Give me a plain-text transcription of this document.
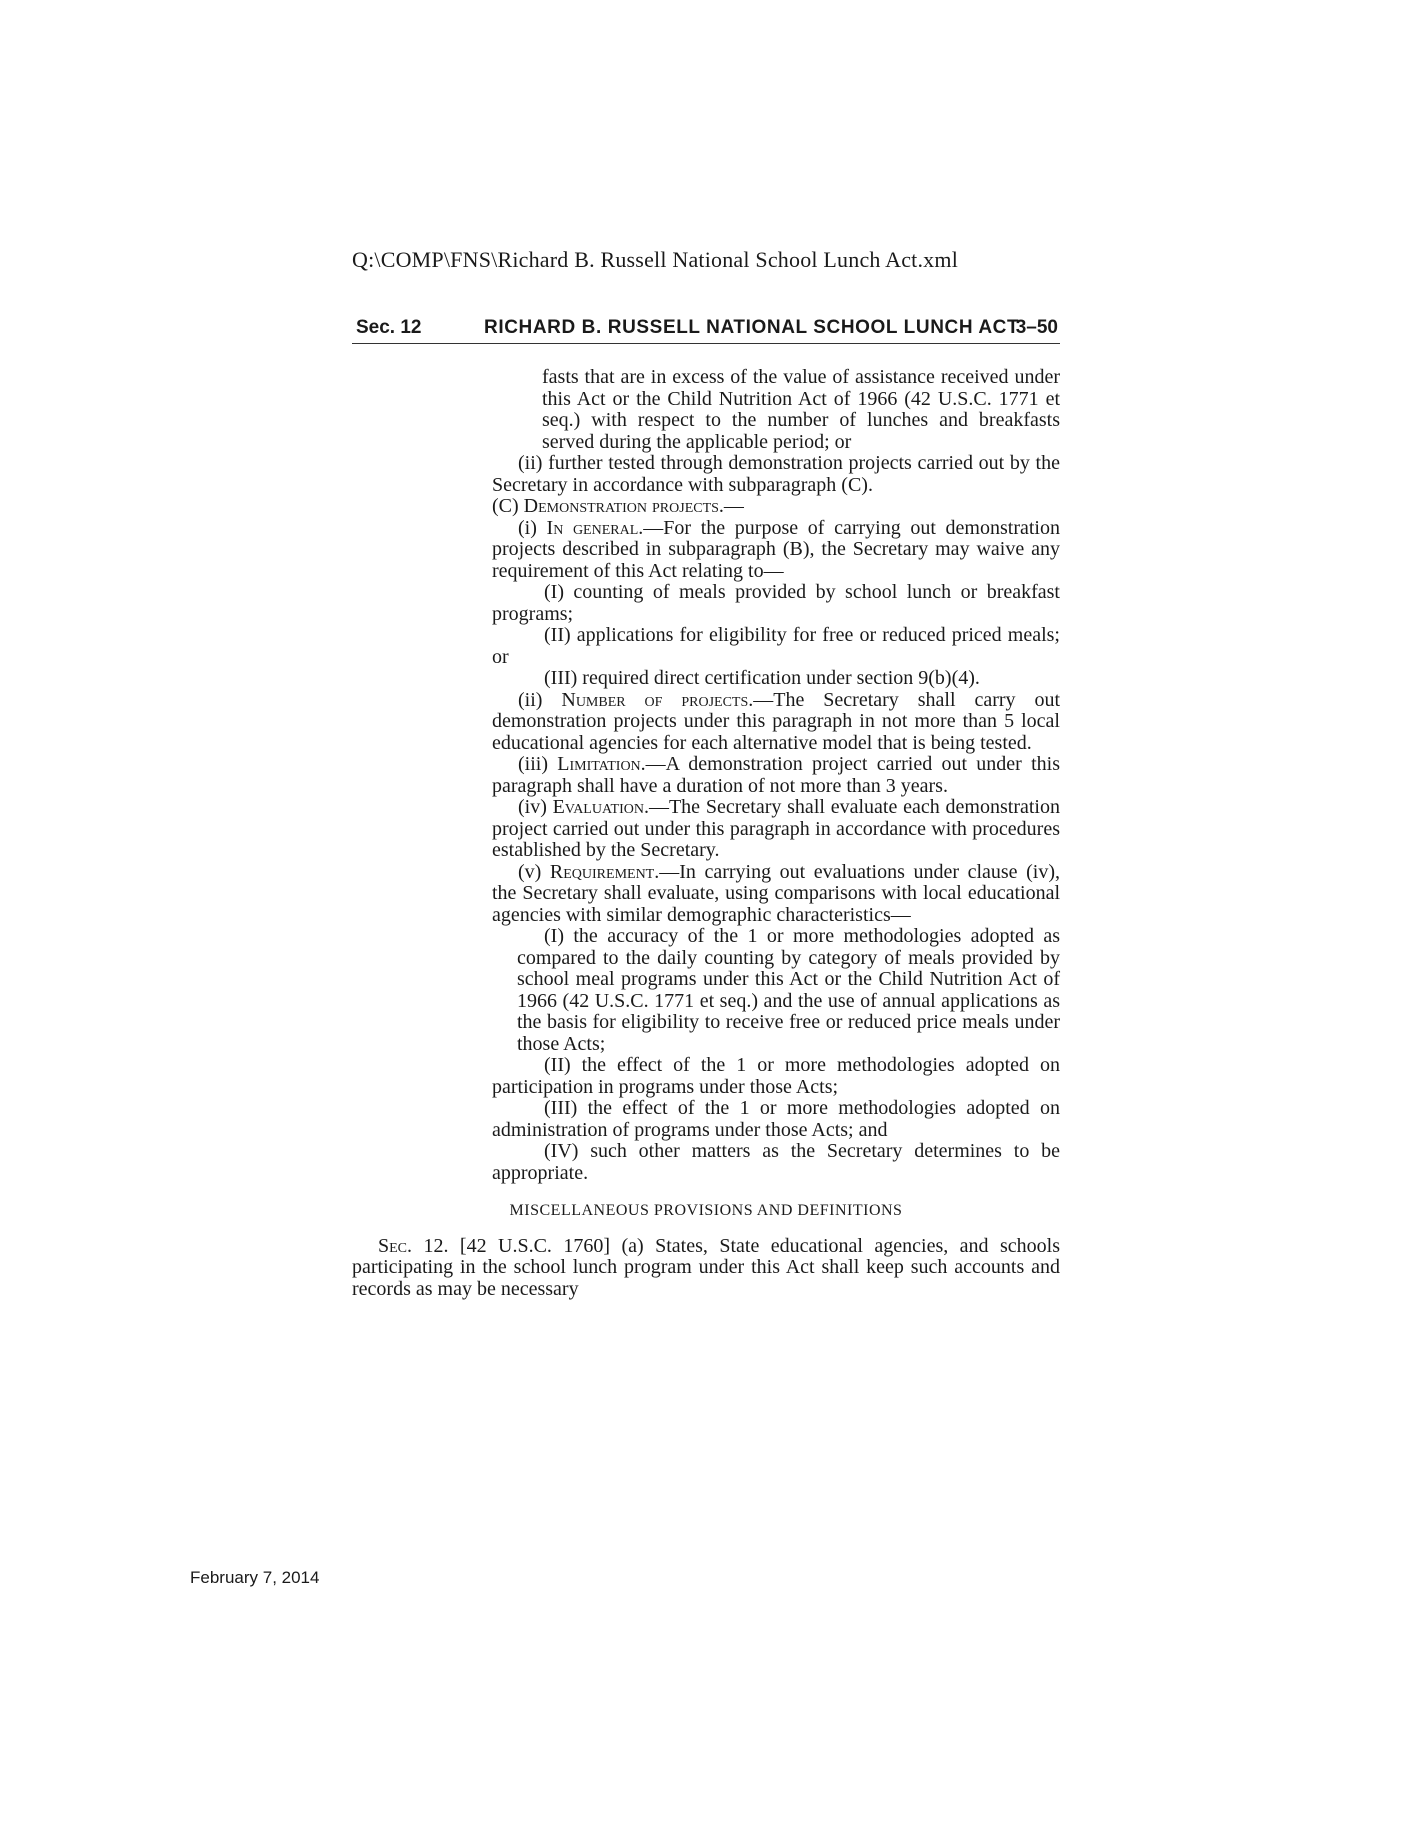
Q:\COMP\FNS\Richard B. Russell National School Lunch Act.xml
Sec. 12	RICHARD B. RUSSELL NATIONAL SCHOOL LUNCH ACT
3–50

fasts that are in excess of the value of assistance received under this Act or the Child Nutrition Act of 1966 (42 U.S.C. 1771 et seq.) with respect to the number of lunches and breakfasts served during the applicable period; or

(ii) further tested through demonstration projects carried out by the Secretary in accordance with subparagraph (C).

(C) Demonstration projects.—

(i) In general.—For the purpose of carrying out demonstration projects described in subparagraph (B), the Secretary may waive any requirement of this Act relating to—

(I) counting of meals provided by school lunch or breakfast programs;

(II) applications for eligibility for free or reduced priced meals; or

(III) required direct certification under section 9(b)(4).

(ii) Number of projects.—The Secretary shall carry out demonstration projects under this paragraph in not more than 5 local educational agencies for each alternative model that is being tested.

(iii) Limitation.—A demonstration project carried out under this paragraph shall have a duration of not more than 3 years.

(iv) Evaluation.—The Secretary shall evaluate each demonstration project carried out under this paragraph in accordance with procedures established by the Secretary.

(v) Requirement.—In carrying out evaluations under clause (iv), the Secretary shall evaluate, using comparisons with local educational agencies with similar demographic characteristics—

(I) the accuracy of the 1 or more methodologies adopted as compared to the daily counting by category of meals provided by school meal programs under this Act or the Child Nutrition Act of 1966 (42 U.S.C. 1771 et seq.) and the use of annual applications as the basis for eligibility to receive free or reduced price meals under those Acts;

(II) the effect of the 1 or more methodologies adopted on participation in programs under those Acts;

(III) the effect of the 1 or more methodologies adopted on administration of programs under those Acts; and

(IV) such other matters as the Secretary determines to be appropriate.

MISCELLANEOUS PROVISIONS AND DEFINITIONS

Sec. 12. [42 U.S.C. 1760] (a) States, State educational agencies, and schools participating in the school lunch program under this Act shall keep such accounts and records as may be necessary

February 7, 2014
